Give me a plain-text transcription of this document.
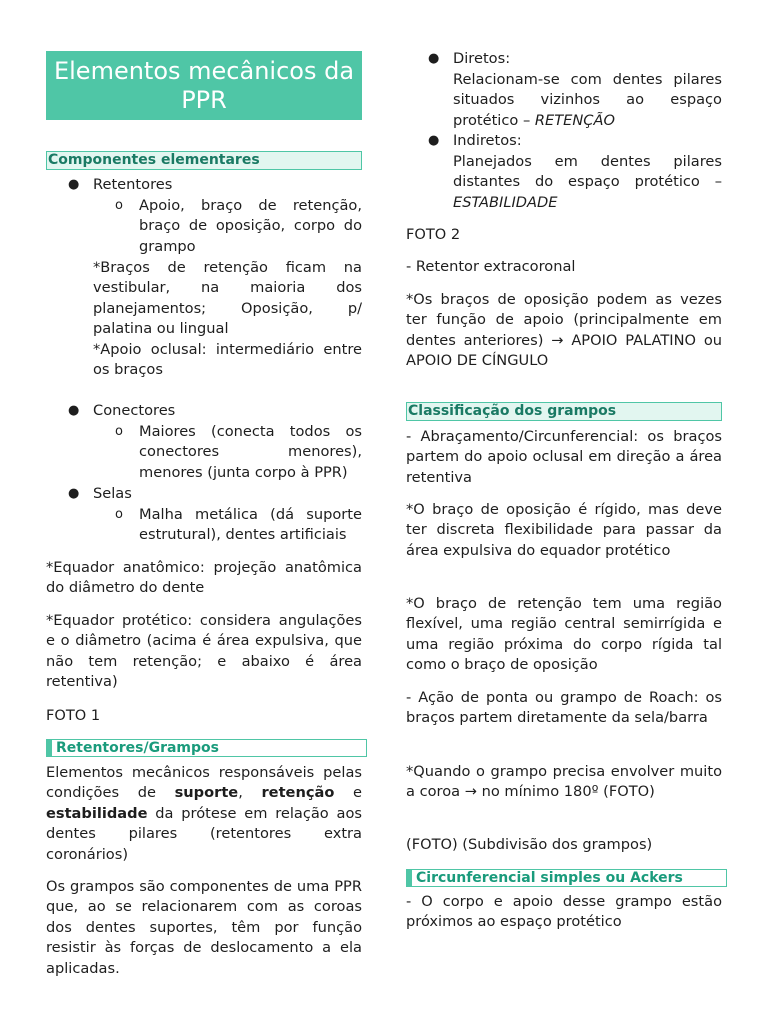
Elementos mecânicos da PPR
Componentes elementares
● Retentores
o Apoio, braço de retenção, braço de oposição, corpo do grampo
*Braços de retenção ficam na vestibular, na maioria dos planejamentos; Oposição, p/ palatina ou lingual
*Apoio oclusal: intermediário entre os braços
● Conectores
o Maiores (conecta todos os conectores menores), menores (junta corpo à PPR)
● Selas
o Malha metálica (dá suporte estrutural), dentes artificiais
*Equador anatômico: projeção anatômica do diâmetro do dente
*Equador protético: considera angulações e o diâmetro (acima é área expulsiva, que não tem retenção; e abaixo é área retentiva)
FOTO 1
Retentores/Grampos
Elementos mecânicos responsáveis pelas condições de suporte, retenção e estabilidade da prótese em relação aos dentes pilares (retentores extra coronários)
Os grampos são componentes de uma PPR que, ao se relacionarem com as coroas dos dentes suportes, têm por função resistir às forças de deslocamento a ela aplicadas.
● Diretos:
Relacionam-se com dentes pilares situados vizinhos ao espaço protético – RETENÇÃO
● Indiretos:
Planejados em dentes pilares distantes do espaço protético – ESTABILIDADE
FOTO 2
- Retentor extracoronal
*Os braços de oposição podem as vezes ter função de apoio (principalmente em dentes anteriores) → APOIO PALATINO ou APOIO DE CÍNGULO
Classificação dos grampos
- Abraçamento/Circunferencial: os braços partem do apoio oclusal em direção a área retentiva
*O braço de oposição é rígido, mas deve ter discreta flexibilidade para passar da área expulsiva do equador protético
*O braço de retenção tem uma região flexível, uma região central semirrígida e uma região próxima do corpo rígida tal como o braço de oposição
- Ação de ponta ou grampo de Roach: os braços partem diretamente da sela/barra
*Quando o grampo precisa envolver muito a coroa → no mínimo 180º (FOTO)
(FOTO) (Subdivisão dos grampos)
Circunferencial simples ou Ackers
- O corpo e apoio desse grampo estão próximos ao espaço protético
